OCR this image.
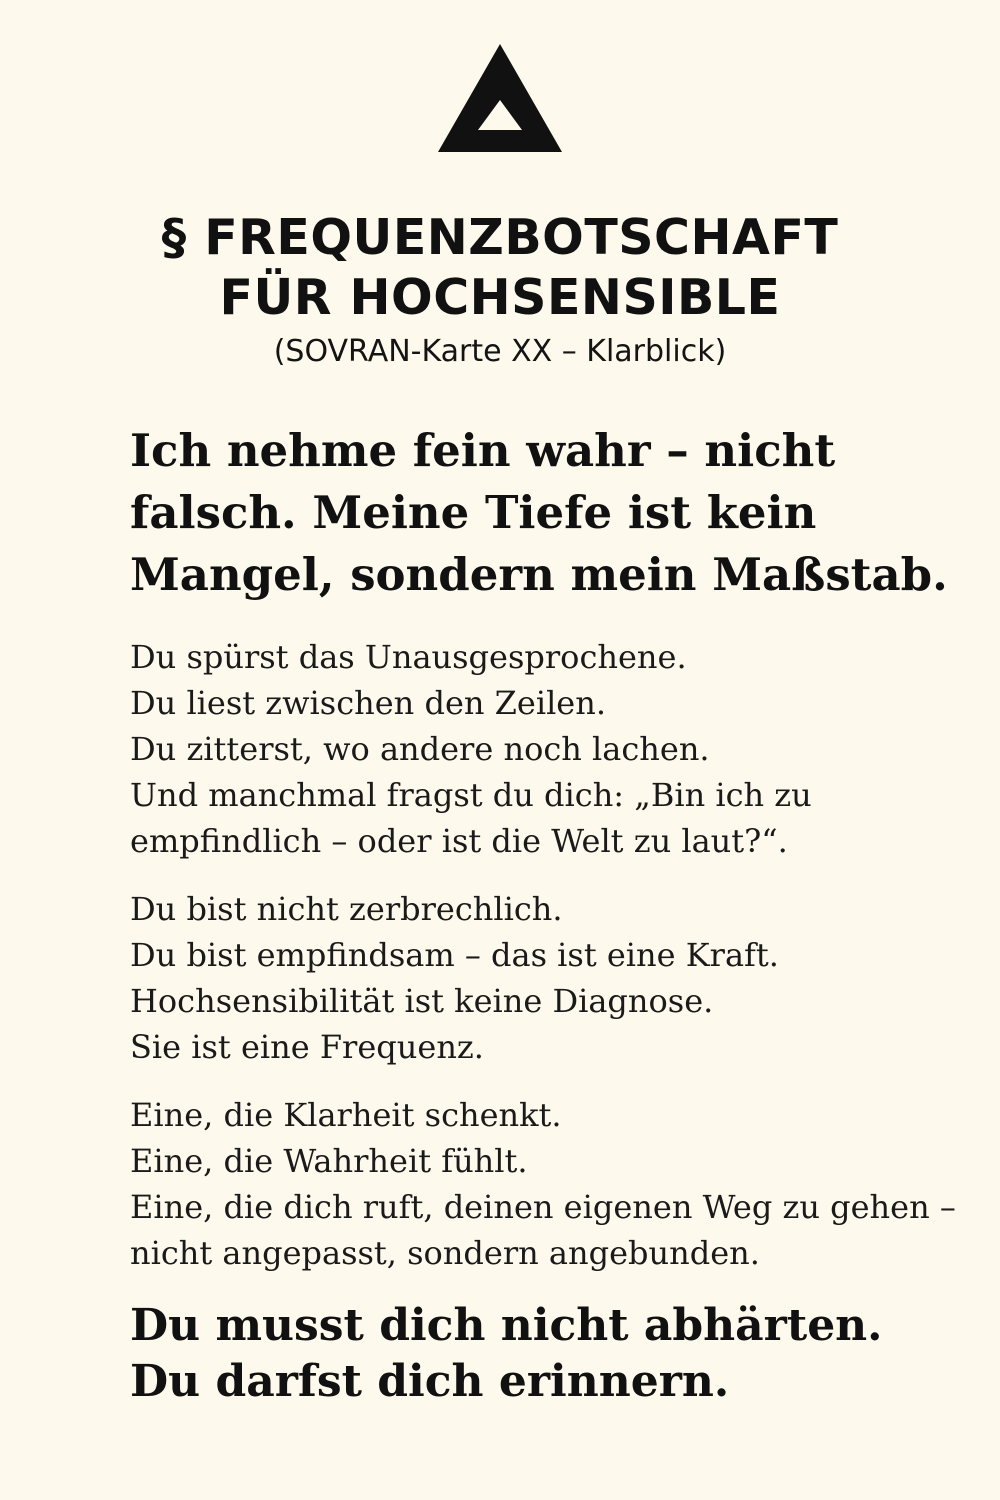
§ FREQUENZBOTSCHAFT
FÜR HOCHSENSIBLE

(SOVRAN-Karte XX – Klarblick)

Ich nehme fein wahr – nicht
falsch. Meine Tiefe ist kein
Mangel, sondern mein Maßstab.

Du spürst das Unausgesprochene.
Du liest zwischen den Zeilen.
Du zitterst, wo andere noch lachen.
Und manchmal fragst du dich: „Bin ich zu
empfindlich – oder ist die Welt zu laut?“.

Du bist nicht zerbrechlich.
Du bist empfindsam – das ist eine Kraft.
Hochsensibilität ist keine Diagnose.
Sie ist eine Frequenz.

Eine, die Klarheit schenkt.
Eine, die Wahrheit fühlt.
Eine, die dich ruft, deinen eigenen Weg zu gehen –
nicht angepasst, sondern angebunden.

Du musst dich nicht abhärten.
Du darfst dich erinnern.
